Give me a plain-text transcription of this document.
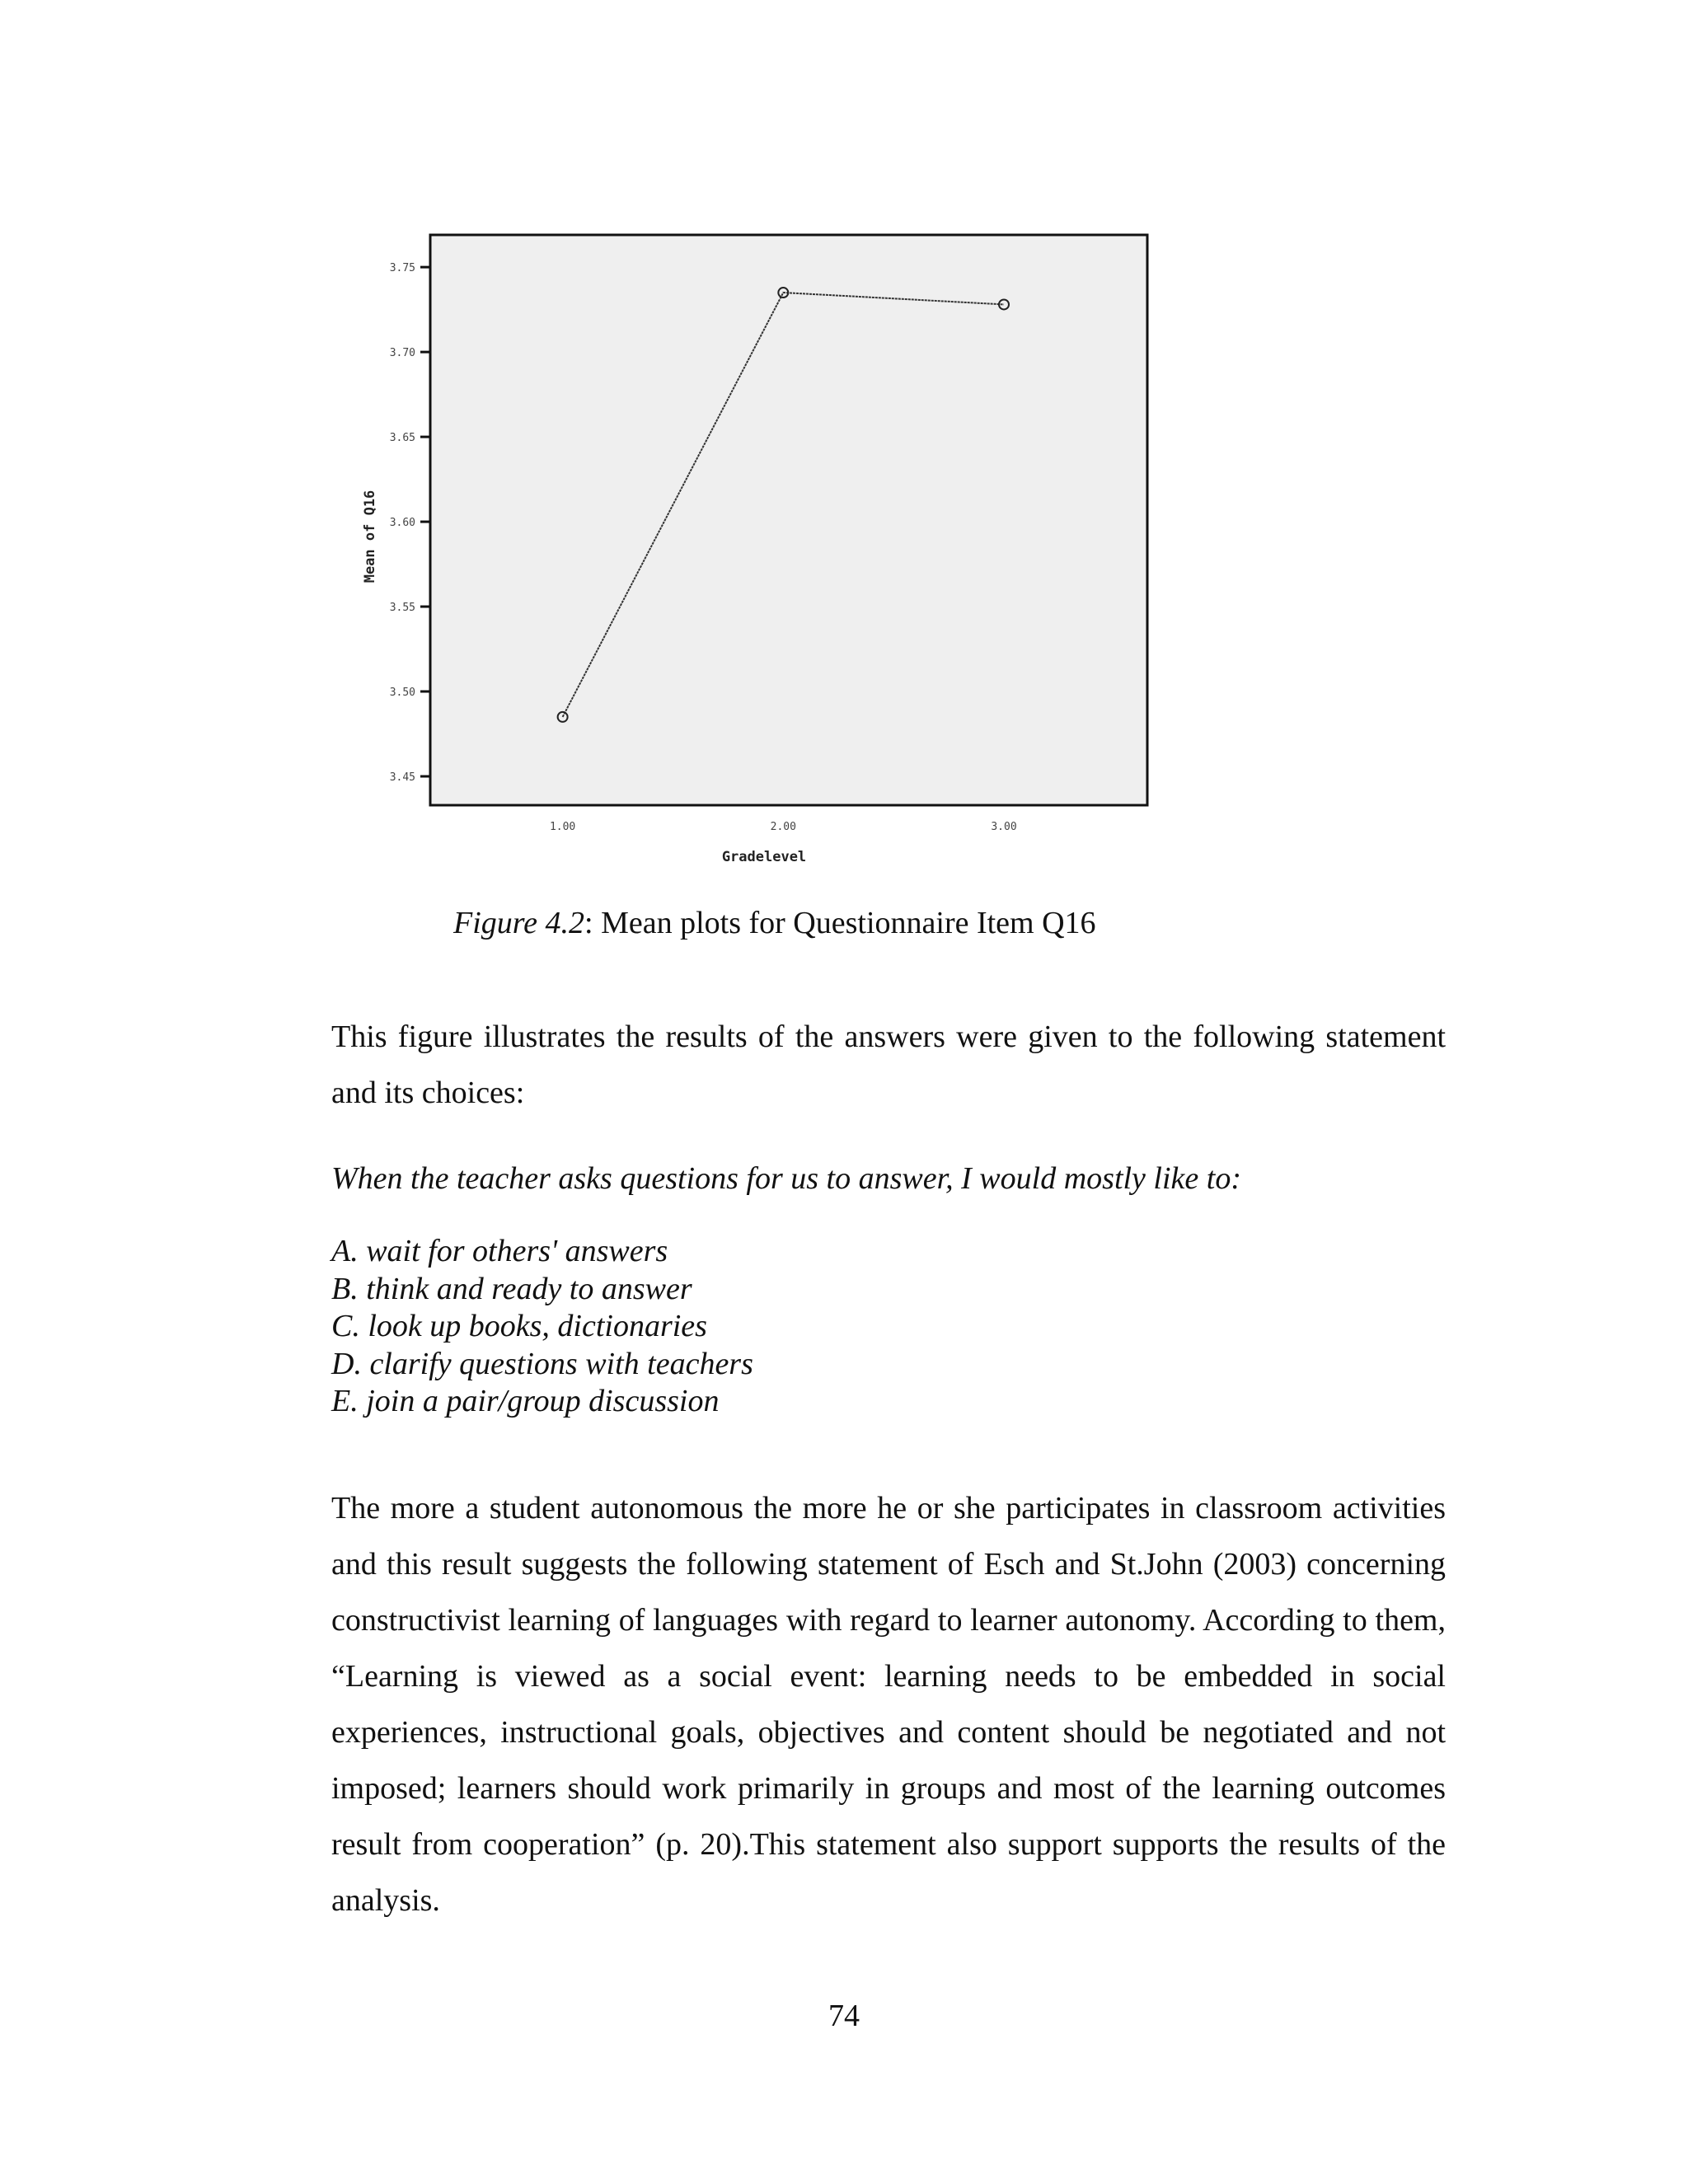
3.45
3.50
3.55
3.60
3.65
3.70
3.75
1.00	2.00	3.00
Gradelevel
Mean of Q16
Figure 4.2: Mean plots for Questionnaire Item Q16

This figure illustrates the results of the answers were given to the following statement and its choices:

When the teacher asks questions for us to answer, I would mostly like to:

A. wait for others' answers
B. think and ready to answer
C. look up books, dictionaries
D. clarify questions with teachers
E. join a pair/group discussion

The more a student autonomous the more he or she participates in classroom activities and this result suggests the following statement of Esch and St.John (2003) concerning constructivist learning of languages with regard to learner autonomy. According to them, “Learning is viewed as a social event: learning needs to be embedded in social experiences, instructional goals, objectives and content should be negotiated and not imposed; learners should work primarily in groups and most of the learning outcomes result from cooperation” (p. 20).This statement also support supports the results of the analysis.

74
